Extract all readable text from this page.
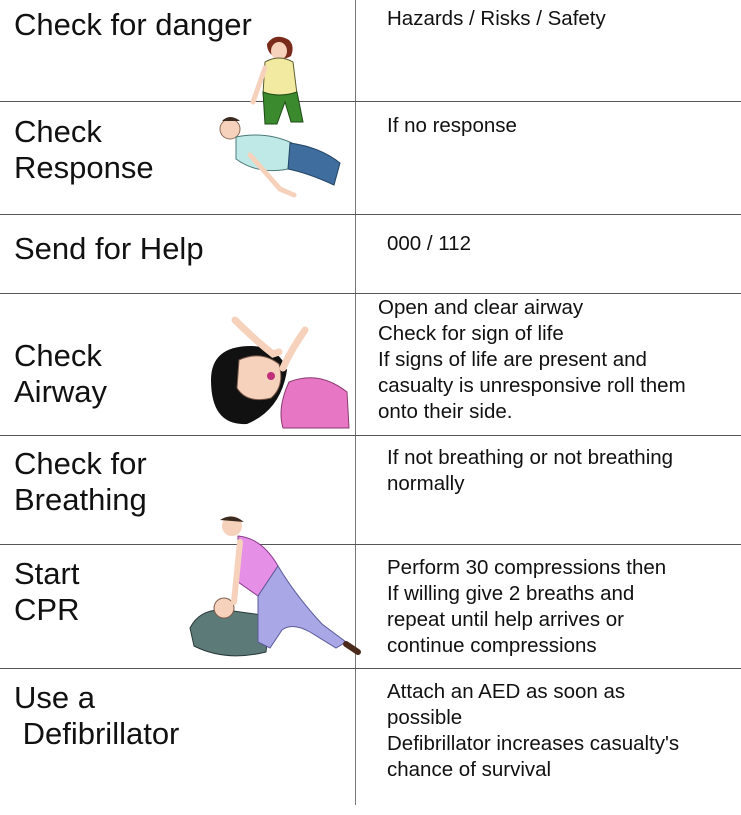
Check for danger	Hazards / Risks / Safety
Check
Response
If no response
Send for Help	000 / 112
Check
Airway
Open and clear airway
Check for sign of life
If signs of life are present and
casualty is unresponsive roll them
onto their side.
Check for
Breathing
If not breathing or not breathing
normally
Start
CPR
Perform 30 compressions then
If willing give 2 breaths and
repeat until help arrives or
continue compressions
Use a
Defibrillator
Attach an AED as soon as
possible
Defibrillator increases casualty's
chance of survival
